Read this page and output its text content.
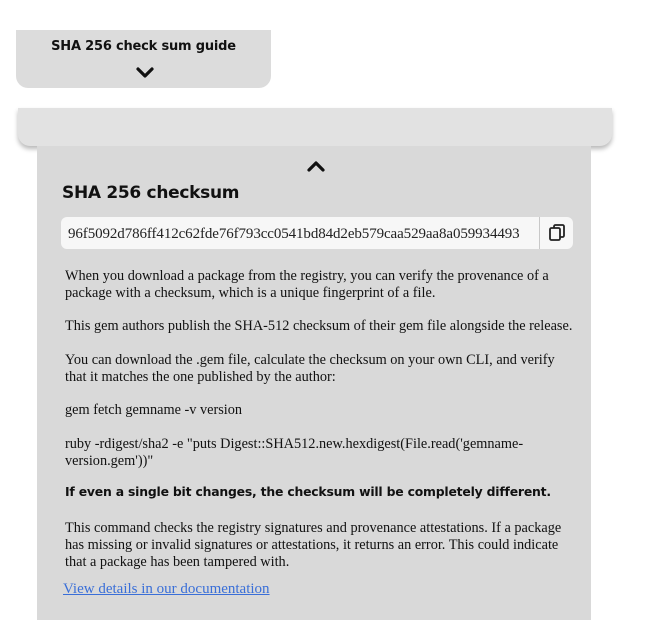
SHA 256 check sum guide
SHA 256 checksum
96f5092d786ff412c62fde76f793cc0541bd84d2eb579caa529aa8a059934493
When you download a package from the registry, you can verify the provenance of a package with a checksum, which is a unique fingerprint of a file.
This gem authors publish the SHA-512 checksum of their gem file alongside the release.
You can download the .gem file, calculate the checksum on your own CLI, and verify that it matches the one published by the author:
gem fetch gemname -v version
ruby -rdigest/sha2 -e "puts Digest::SHA512.new.hexdigest(File.read('gemname-version.gem'))"
If even a single bit changes, the checksum will be completely different.
This command checks the registry signatures and provenance attestations. If a package has missing or invalid signatures or attestations, it returns an error. This could indicate that a package has been tampered with.
View details in our documentation
